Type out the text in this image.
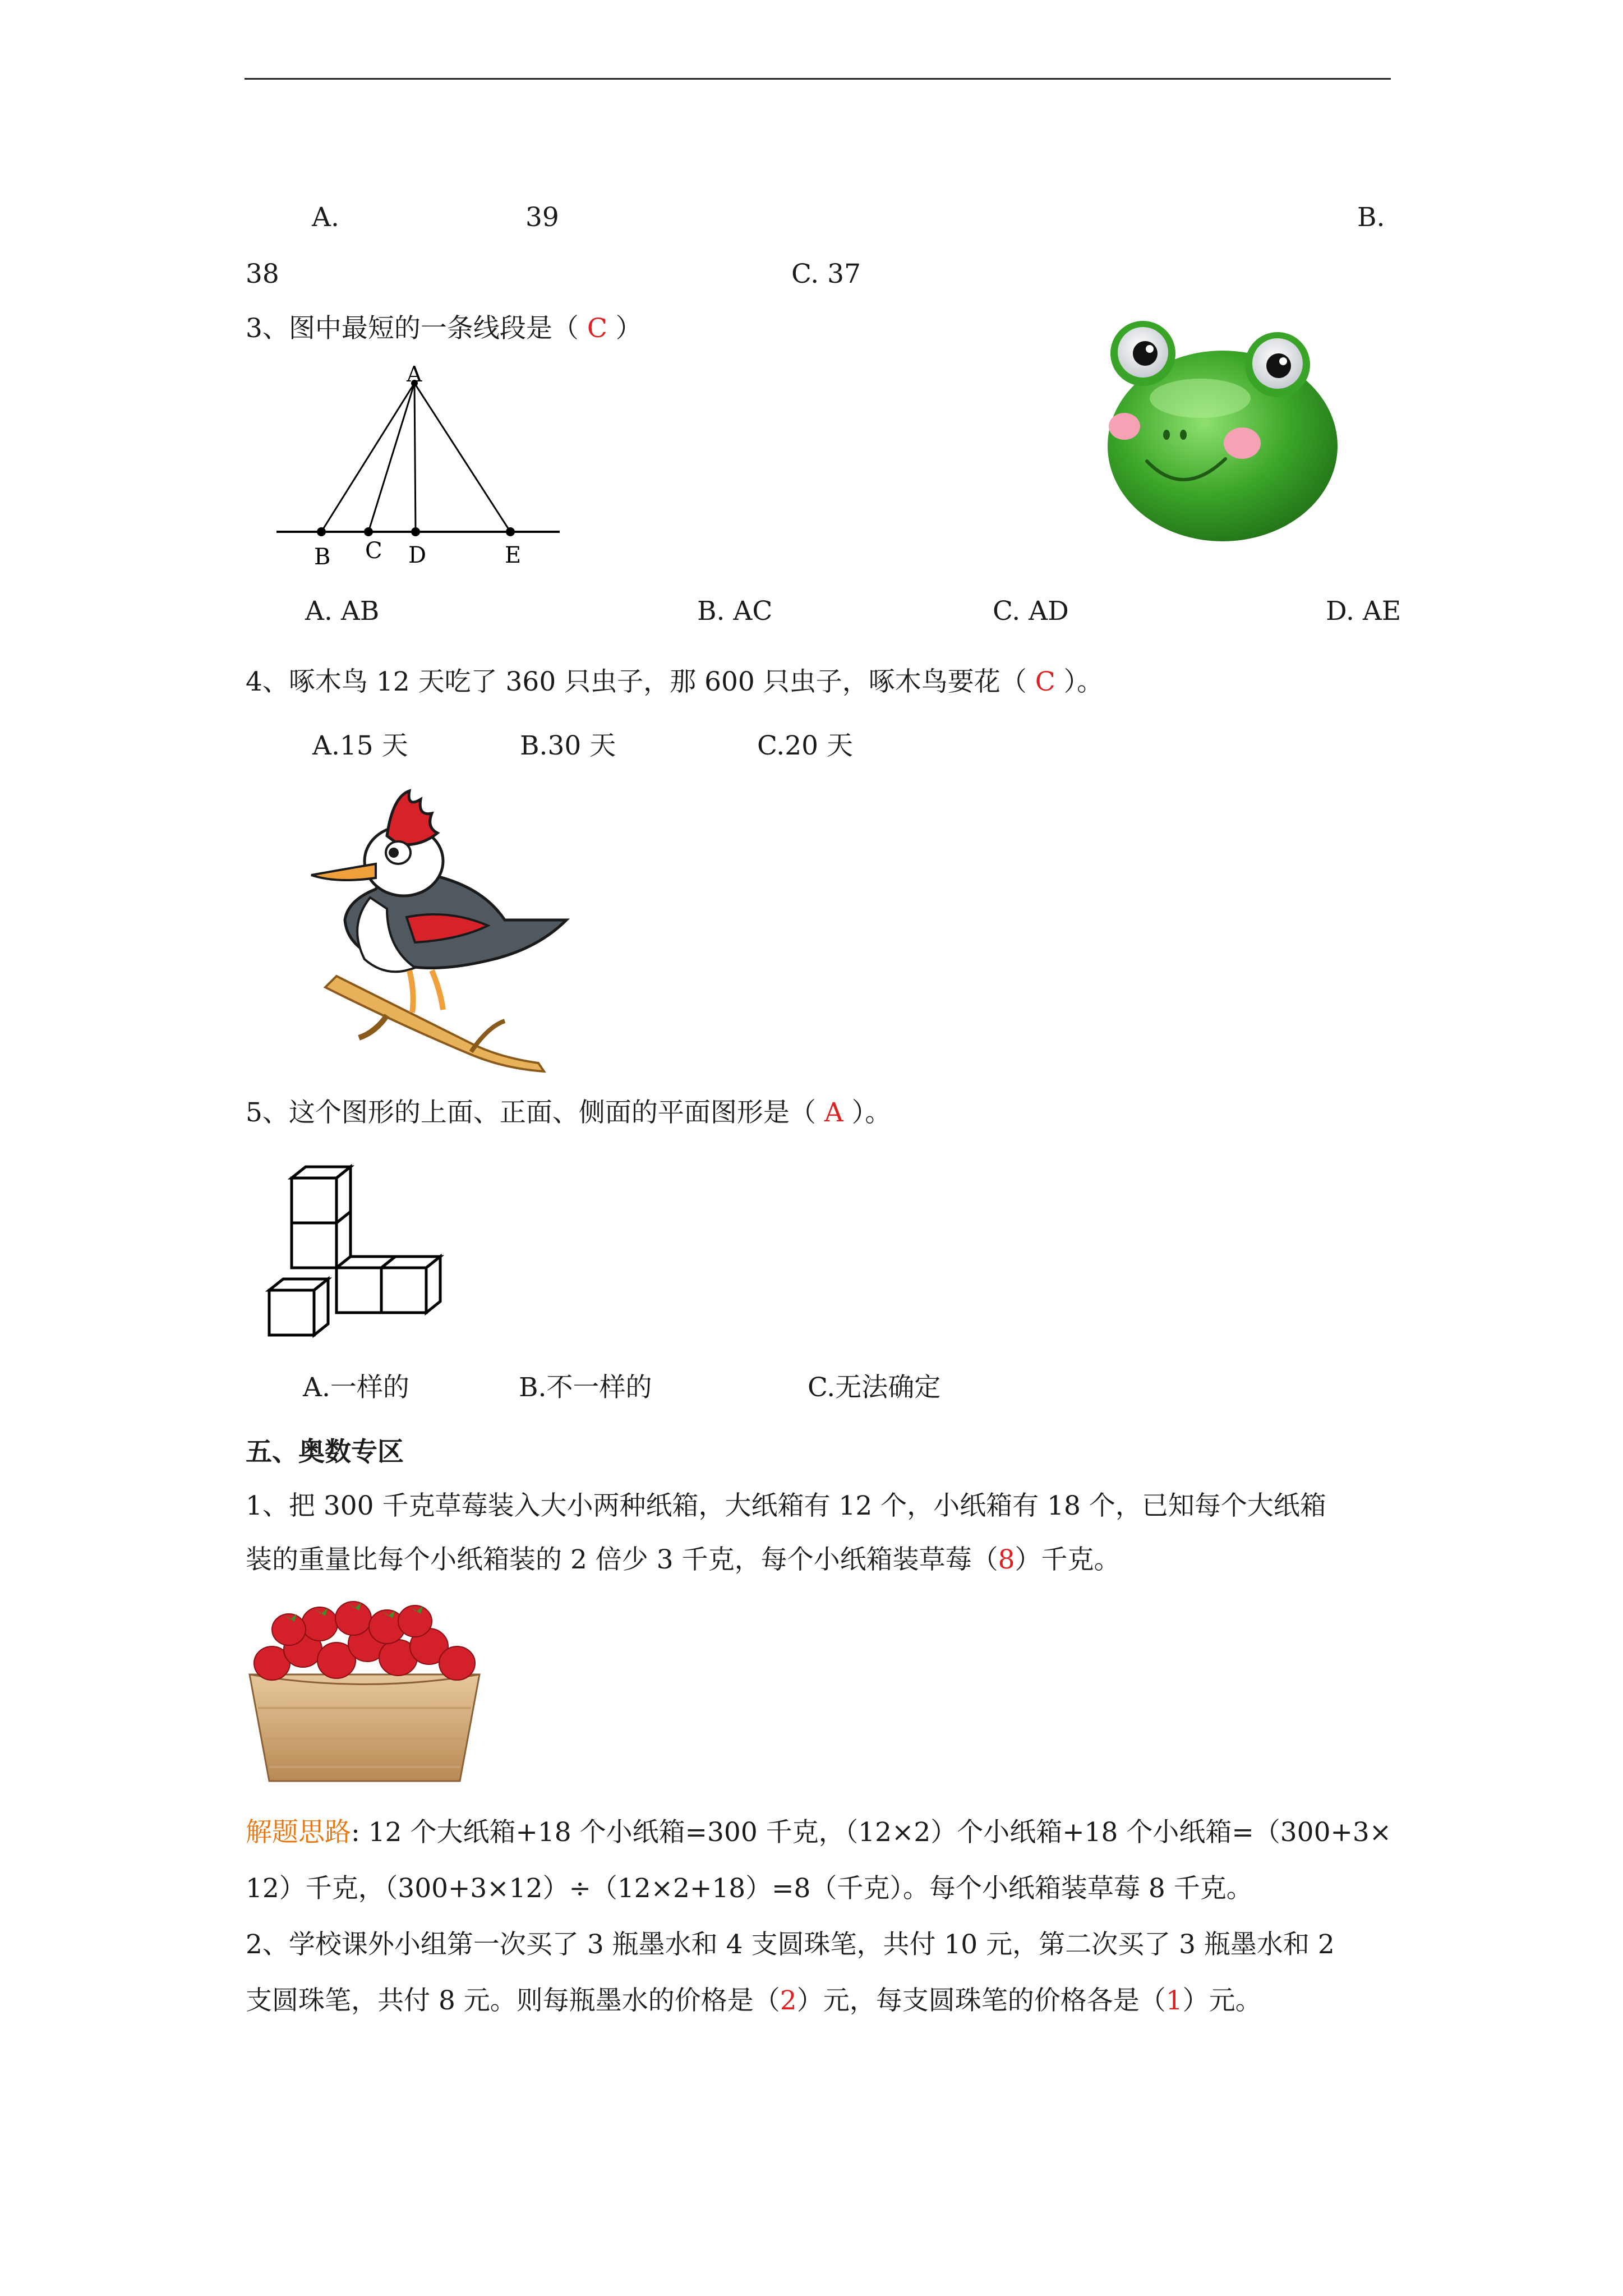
A.	39	B.
38	C. 37
3、图中最短的一条线段是（ C ）
A
B C D	E
A. AB	B. AC	C. AD	D. AE
4、啄木鸟 12 天吃了 360 只虫子，那 600 只虫子，啄木鸟要花（ C ）。
A.15 天	B.30 天	C.20 天
5、这个图形的上面、正面、侧面的平面图形是（ A ）。
A.一样的	B.不一样的	C.无法确定
五、奥数专区
1、把 300 千克草莓装入大小两种纸箱，大纸箱有 12 个，小纸箱有 18 个，已知每个大纸箱
装的重量比每个小纸箱装的 2 倍少 3 千克，每个小纸箱装草莓（8）千克。
解题思路: 12 个大纸箱+18 个小纸箱=300 千克，（12×2）个小纸箱+18 个小纸箱=（300+3×
12）千克，（300+3×12）÷（12×2+18）=8（千克）。每个小纸箱装草莓 8 千克。
2、学校课外小组第一次买了 3 瓶墨水和 4 支圆珠笔，共付 10 元，第二次买了 3 瓶墨水和 2
支圆珠笔，共付 8 元。则每瓶墨水的价格是（2）元，每支圆珠笔的价格各是（1）元。
